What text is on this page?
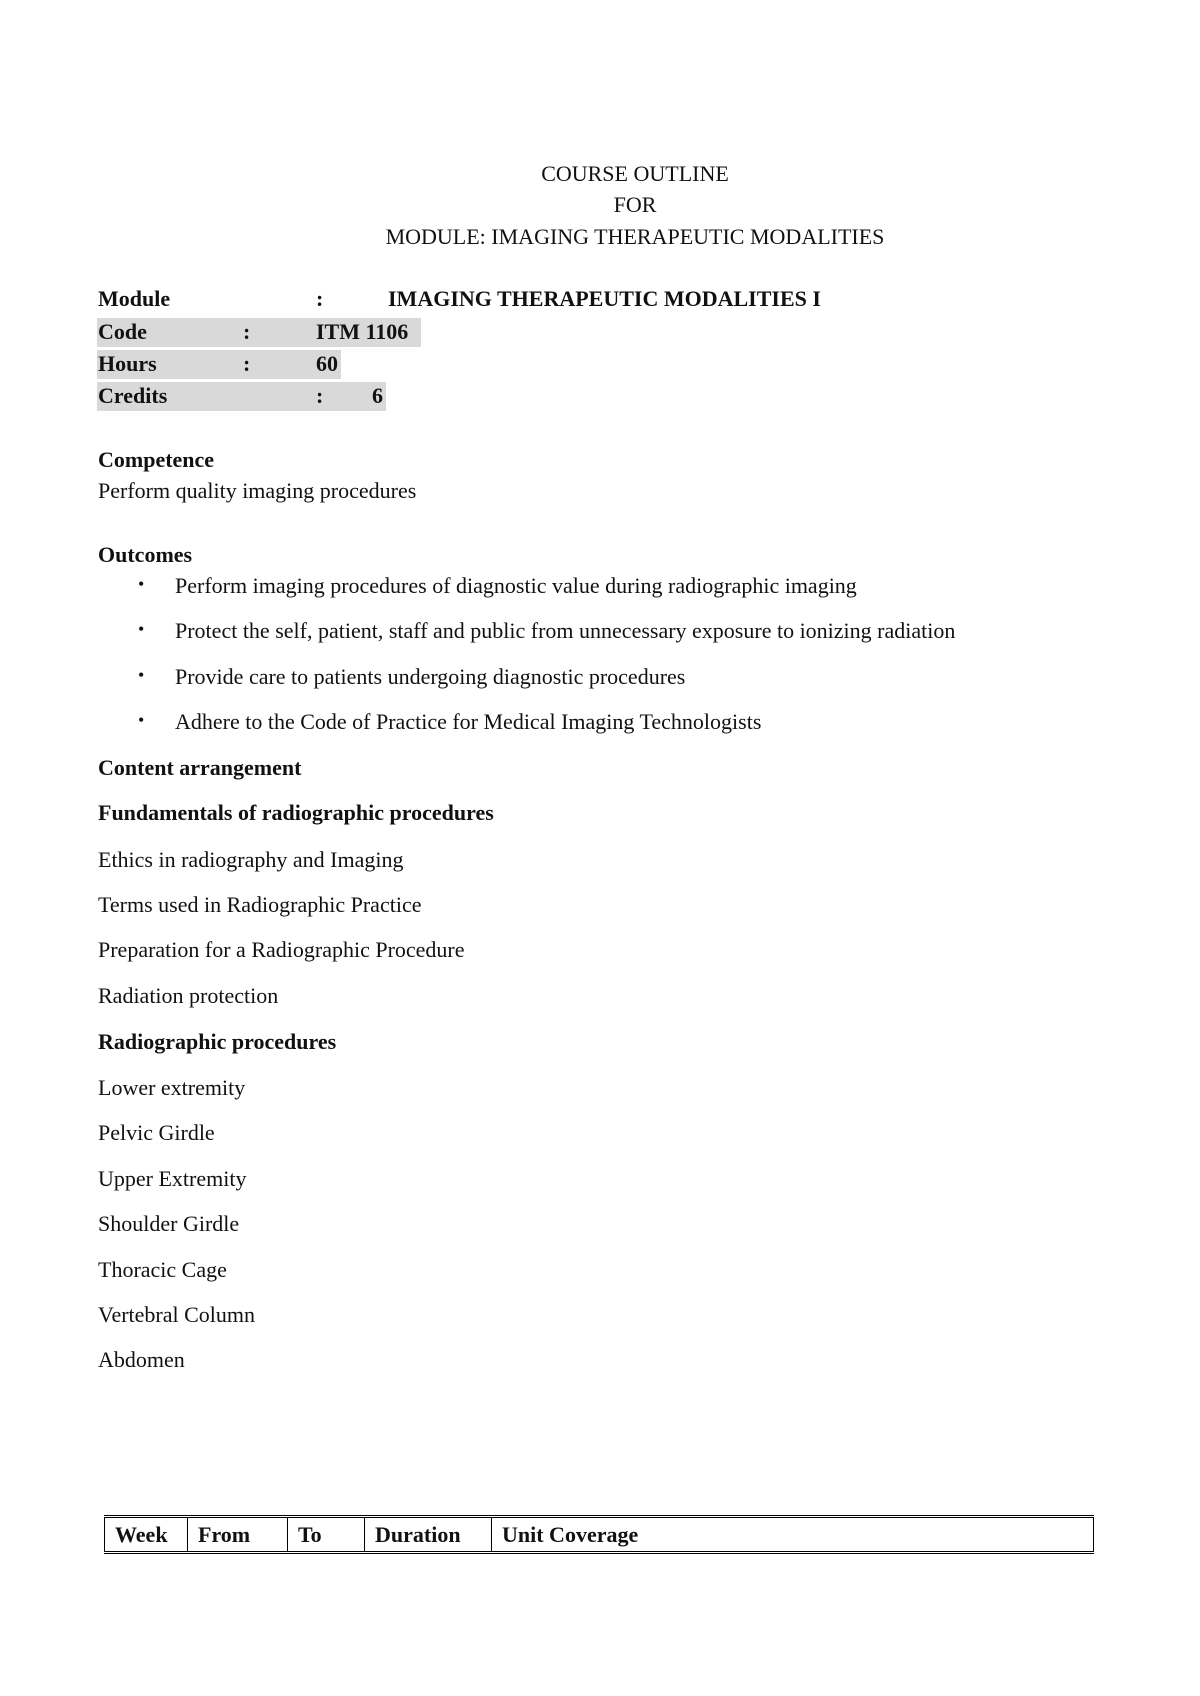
COURSE OUTLINE
FOR
MODULE: IMAGING THERAPEUTIC MODALITIES
Module	:	IMAGING THERAPEUTIC MODALITIES I
Code	:	ITM 1106
Hours	:	60
Credits	: 6
Competence
Perform quality imaging procedures
Outcomes
• Perform imaging procedures of diagnostic value during radiographic imaging
• Protect the self, patient, staff and public from unnecessary exposure to ionizing radiation
• Provide care to patients undergoing diagnostic procedures
• Adhere to the Code of Practice for Medical Imaging Technologists
Content arrangement
Fundamentals of radiographic procedures
Ethics in radiography and Imaging
Terms used in Radiographic Practice
Preparation for a Radiographic Procedure
Radiation protection
Radiographic procedures
Lower extremity
Pelvic Girdle
Upper Extremity
Shoulder Girdle
Thoracic Cage
Vertebral Column
Abdomen
Week	From	To	Duration	Unit Coverage
